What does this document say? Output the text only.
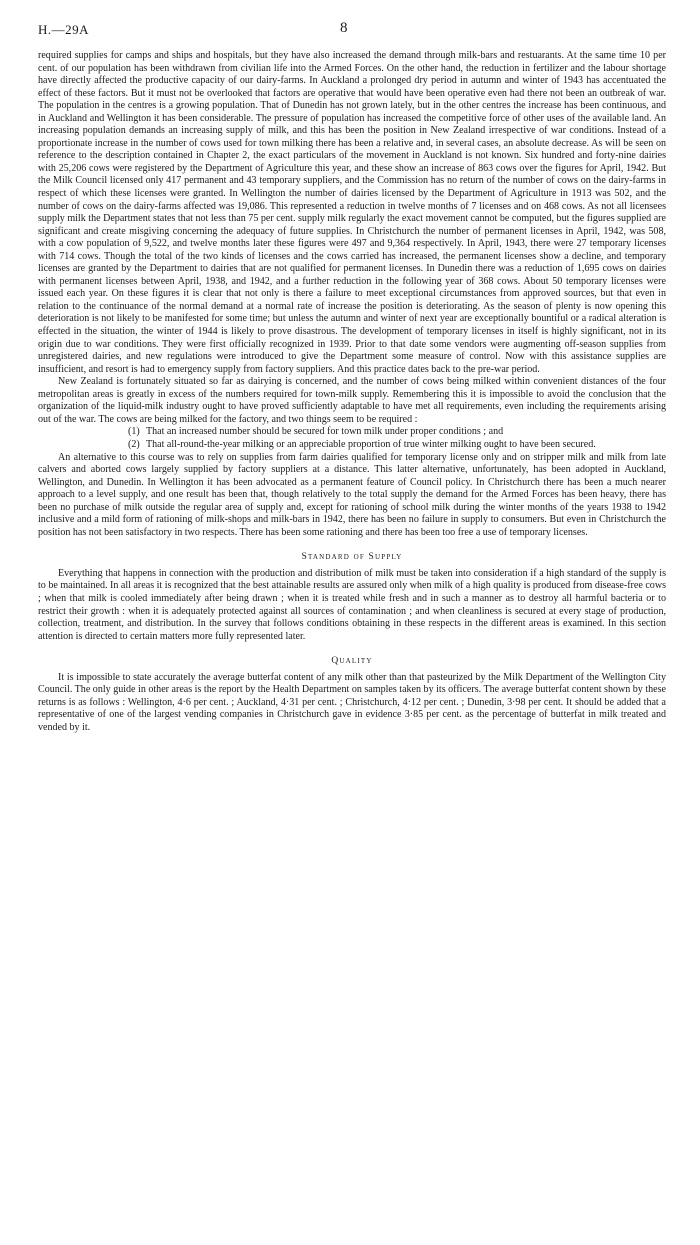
H.—29A	8

required supplies for camps and ships and hospitals, but they have also increased the demand through milk-bars and restuarants. At the same time 10 per cent. of our population has been withdrawn from civilian life into the Armed Forces. On the other hand, the reduction in fertilizer and the labour shortage have directly affected the productive capacity of our dairy-farms. In Auckland a prolonged dry period in autumn and winter of 1943 has accentuated the effect of these factors. But it must not be overlooked that factors are operative that would have been operative even had there not been an outbreak of war. The population in the centres is a growing population. That of Dunedin has not grown lately, but in the other centres the increase has been continuous, and in Auckland and Wellington it has been considerable. The pressure of population has increased the competitive force of other uses of the available land. An increasing population demands an increasing supply of milk, and this has been the position in New Zealand irrespective of war conditions. Instead of a proportionate increase in the number of cows used for town milking there has been a relative and, in several cases, an absolute decrease. As will be seen on reference to the description contained in Chapter 2, the exact particulars of the movement in Auckland is not known. Six hundred and forty-nine dairies with 25,206 cows were registered by the Department of Agriculture this year, and these show an increase of 863 cows over the figures for April, 1942. But the Milk Council licensed only 417 permanent and 43 temporary suppliers, and the Commission has no return of the number of cows on the dairy-farms in respect of which these licenses were granted. In Wellington the number of dairies licensed by the Department of Agriculture in 1913 was 502, and the number of cows on the dairy-farms affected was 19,086. This represented a reduction in twelve months of 7 licenses and on 468 cows. As not all licensees supply milk the Department states that not less than 75 per cent. supply milk regularly the exact movement cannot be computed, but the figures supplied are significant and create misgiving concerning the adequacy of future supplies. In Christchurch the number of permanent licenses in April, 1942, was 508, with a cow population of 9,522, and twelve months later these figures were 497 and 9,364 respectively. In April, 1943, there were 27 temporary licenses with 714 cows. Though the total of the two kinds of licenses and the cows carried has increased, the permanent licenses show a decline, and temporary licenses are granted by the Department to dairies that are not qualified for permanent licenses. In Dunedin there was a reduction of 1,695 cows on dairies with permanent licenses between April, 1938, and 1942, and a further reduction in the following year of 368 cows. About 50 temporary licenses were issued each year. On these figures it is clear that not only is there a failure to meet exceptional circumstances from approved sources, but that even in relation to the continuance of the normal demand at a normal rate of increase the position is deteriorating. As the season of plenty is now opening this deterioration is not likely to be manifested for some time; but unless the autumn and winter of next year are exceptionally bountiful or a radical alteration is effected in the situation, the winter of 1944 is likely to prove disastrous. The development of temporary licenses in itself is highly significant, not in its origin due to war conditions. They were first officially recognized in 1939. Prior to that date some vendors were augmenting off-season supplies from unregistered dairies, and new regulations were introduced to give the Department some measure of control. Now with this assistance supplies are insufficient, and resort is had to emergency supply from factory suppliers. And this practice dates back to the pre-war period.

New Zealand is fortunately situated so far as dairying is concerned, and the number of cows being milked within convenient distances of the four metropolitan areas is greatly in excess of the numbers required for town-milk supply. Remembering this it is impossible to avoid the conclusion that the organization of the liquid-milk industry ought to have proved sufficiently adaptable to have met all requirements, even including the requirements arising out of the war. The cows are being milked for the factory, and two things seem to be required :

(1) That an increased number should be secured for town milk under proper conditions ; and
(2) That all-round-the-year milking or an appreciable proportion of true winter milking ought to have been secured.

An alternative to this course was to rely on supplies from farm dairies qualified for temporary license only and on stripper milk and milk from late calvers and aborted cows largely supplied by factory suppliers at a distance. This latter alternative, unfortunately, has been adopted in Auckland, Wellington, and Dunedin. In Wellington it has been advocated as a permanent feature of Council policy. In Christchurch there has been a much nearer approach to a level supply, and one result has been that, though relatively to the total supply the demand for the Armed Forces has been heavy, there has been no purchase of milk outside the regular area of supply and, except for rationing of school milk during the winter months of the years 1938 to 1942 inclusive and a mild form of rationing of milk-shops and milk-bars in 1942, there has been no failure in supply to consumers. But even in Christchurch the position has not been satisfactory in two respects. There has been some rationing and there has been too free a use of temporary licenses.

Standard of Supply

Everything that happens in connection with the production and distribution of milk must be taken into consideration if a high standard of the supply is to be maintained. In all areas it is recognized that the best attainable results are assured only when milk of a high quality is produced from disease-free cows ; when that milk is cooled immediately after being drawn ; when it is treated while fresh and in such a manner as to destroy all harmful bacteria or to restrict their growth : when it is adequately protected against all sources of contamination ; and when cleanliness is secured at every stage of production, collection, treatment, and distribution. In the survey that follows conditions obtaining in these respects in the different areas is examined. In this section attention is directed to certain matters more fully represented later.

Quality

It is impossible to state accurately the average butterfat content of any milk other than that pasteurized by the Milk Department of the Wellington City Council. The only guide in other areas is the report by the Health Department on samples taken by its officers. The average butterfat content shown by these returns is as follows : Wellington, 4·6 per cent. ; Auckland, 4·31 per cent. ; Christchurch, 4·12 per cent. ; Dunedin, 3·98 per cent. It should be added that a representative of one of the largest vending companies in Christchurch gave in evidence 3·85 per cent. as the percentage of butterfat in milk treated and vended by it.
